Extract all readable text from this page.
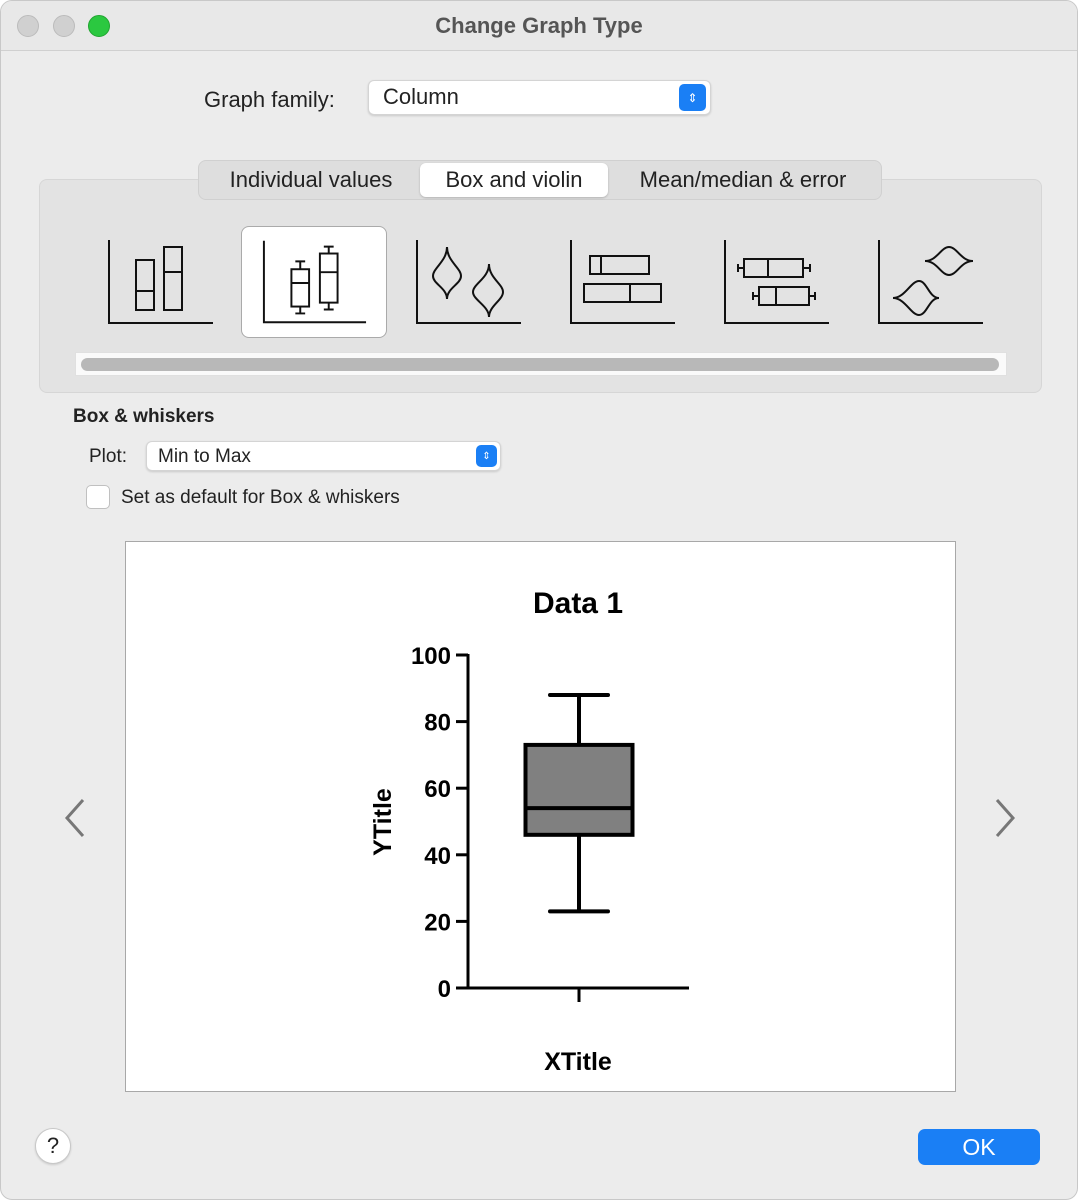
Change Graph Type
Graph family: Column	⇕
Individual values	Box and violin	Mean/median & error
Box & whiskers
Plot: Min to Max	⇕
Set as default for Box & whiskers
Data 1
XTitle
YTitle
0
20
40
60
80
100
?	OK
